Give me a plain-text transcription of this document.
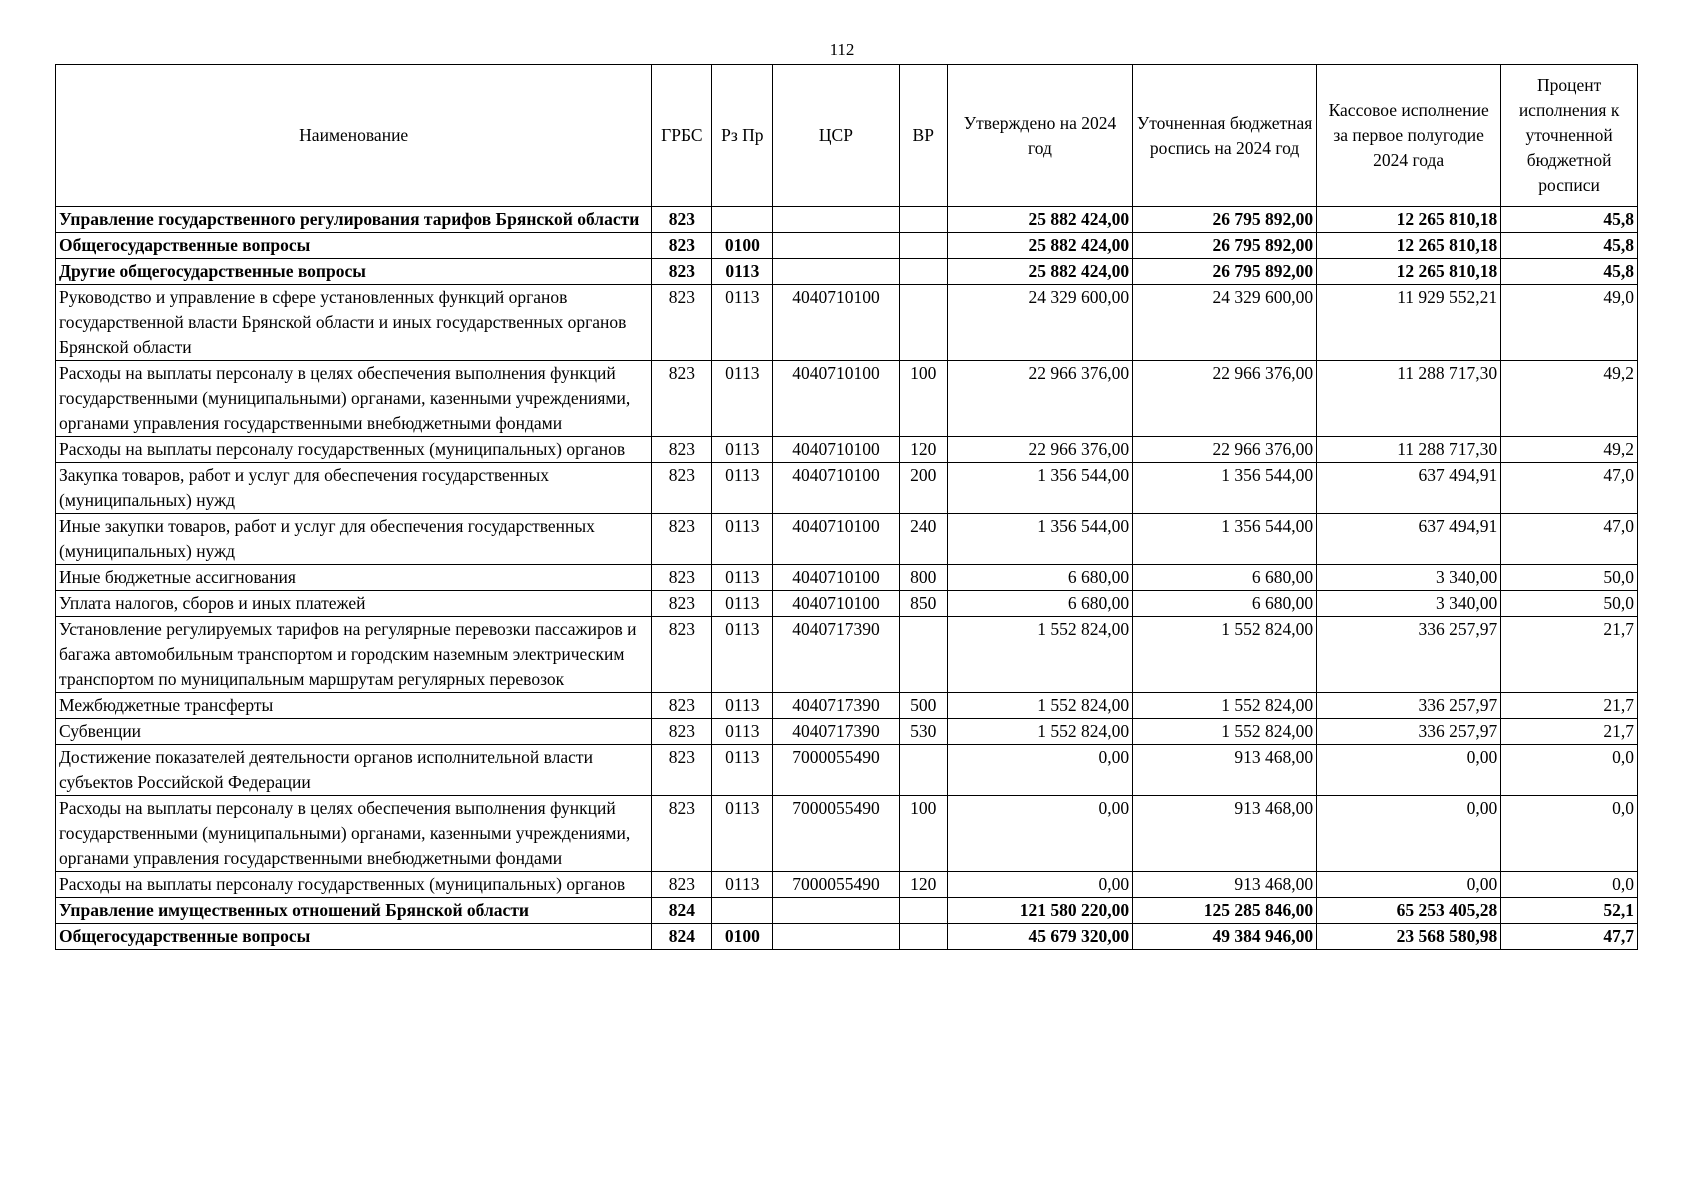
112
Наименование	ГРБС	Рз Пр	ЦСР	ВР	Утверждено на 2024 год	Уточненная бюджетная роспись на 2024 год	Кассовое исполнение за первое полугодие 2024 года	Процент исполнения к уточненной бюджетной росписи
Управление государственного регулирования тарифов Брянской области	823				25 882 424,00	26 795 892,00	12 265 810,18	45,8
Общегосударственные вопросы	823	0100			25 882 424,00	26 795 892,00	12 265 810,18	45,8
Другие общегосударственные вопросы	823	0113			25 882 424,00	26 795 892,00	12 265 810,18	45,8
Руководство и управление в сфере установленных функций органов государственной власти Брянской области и иных государственных органов Брянской области	823	0113	4040710100		24 329 600,00	24 329 600,00	11 929 552,21	49,0
Расходы на выплаты персоналу в целях обеспечения выполнения функций государственными (муниципальными) органами, казенными учреждениями, органами управления государственными внебюджетными фондами	823	0113	4040710100	100	22 966 376,00	22 966 376,00	11 288 717,30	49,2
Расходы на выплаты персоналу государственных (муниципальных) органов	823	0113	4040710100	120	22 966 376,00	22 966 376,00	11 288 717,30	49,2
Закупка товаров, работ и услуг для обеспечения государственных (муниципальных) нужд	823	0113	4040710100	200	1 356 544,00	1 356 544,00	637 494,91	47,0
Иные закупки товаров, работ и услуг для обеспечения государственных (муниципальных) нужд	823	0113	4040710100	240	1 356 544,00	1 356 544,00	637 494,91	47,0
Иные бюджетные ассигнования	823	0113	4040710100	800	6 680,00	6 680,00	3 340,00	50,0
Уплата налогов, сборов и иных платежей	823	0113	4040710100	850	6 680,00	6 680,00	3 340,00	50,0
Установление регулируемых тарифов на регулярные перевозки пассажиров и багажа автомобильным транспортом и городским наземным электрическим транспортом по муниципальным маршрутам регулярных перевозок	823	0113	4040717390		1 552 824,00	1 552 824,00	336 257,97	21,7
Межбюджетные трансферты	823	0113	4040717390	500	1 552 824,00	1 552 824,00	336 257,97	21,7
Субвенции	823	0113	4040717390	530	1 552 824,00	1 552 824,00	336 257,97	21,7
Достижение показателей деятельности органов исполнительной власти субъектов Российской Федерации	823	0113	7000055490		0,00	913 468,00	0,00	0,0
Расходы на выплаты персоналу в целях обеспечения выполнения функций государственными (муниципальными) органами, казенными учреждениями, органами управления государственными внебюджетными фондами	823	0113	7000055490	100	0,00	913 468,00	0,00	0,0
Расходы на выплаты персоналу государственных (муниципальных) органов	823	0113	7000055490	120	0,00	913 468,00	0,00	0,0
Управление имущественных отношений Брянской области	824				121 580 220,00	125 285 846,00	65 253 405,28	52,1
Общегосударственные вопросы	824	0100			45 679 320,00	49 384 946,00	23 568 580,98	47,7
